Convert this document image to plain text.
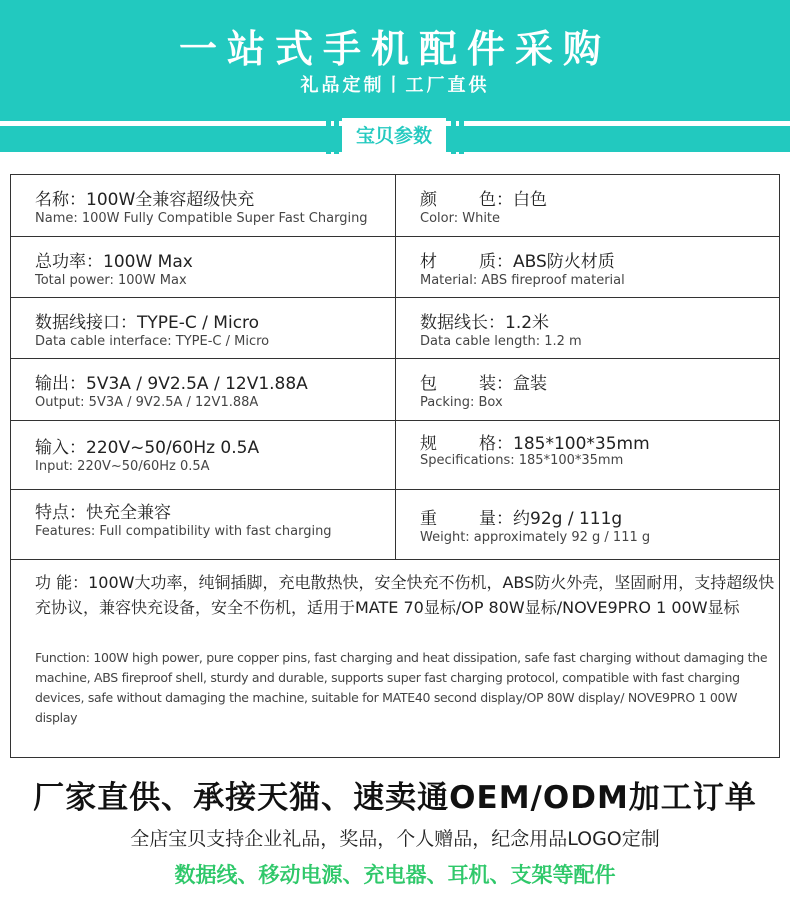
一站式手机配件采购
礼品定制丨工厂直供
宝贝参数
名称：100W全兼容超级快充
Name: 100W Fully Compatible Super Fast Charging
颜 色：白色
Color: White
总功率：100W Max
Total power: 100W Max
材 质：ABS防火材质
Material: ABS fireproof material
数据线接口：TYPE-C / Micro
Data cable interface: TYPE-C / Micro
数据线长：1.2米
Data cable length: 1.2 m
输出：5V3A / 9V2.5A / 12V1.88A
Output: 5V3A / 9V2.5A / 12V1.88A
包 装：盒装
Packing: Box
输入：220V~50/60Hz 0.5A
Input: 220V~50/60Hz 0.5A
规 格：185*100*35mm
Specifications: 185*100*35mm
特点：快充全兼容
Features: Full compatibility with fast charging
重 量：约92g / 111g
Weight: approximately 92 g / 111 g
功 能：100W大功率，纯铜插脚，充电散热快，安全快充不伤机，ABS防火外壳，坚固耐用，支持超级快充协议，兼容快充设备，安全不伤机，适用于MATE 70显标/OP 80W显标/NOVE9PRO 1 00W显标
Function: 100W high power, pure copper pins, fast charging and heat dissipation, safe fast charging without damaging the machine, ABS fireproof shell, sturdy and durable, supports super fast charging protocol, compatible with fast charging devices, safe without damaging the machine, suitable for MATE40 second display/OP 80W display/ NOVE9PRO 1 00W display
厂家直供、承接天猫、速卖通OEM/ODM加工订单
全店宝贝支持企业礼品，奖品，个人赠品，纪念用品LOGO定制
数据线、移动电源、充电器、耳机、支架等配件
